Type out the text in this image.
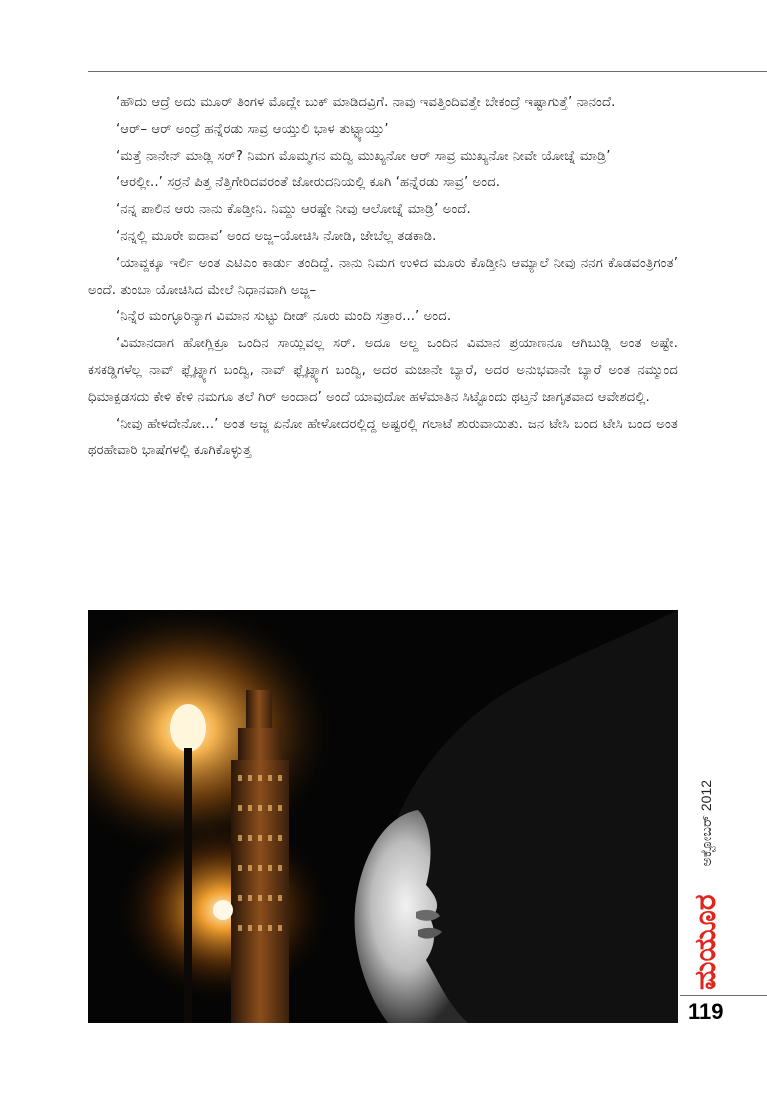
‘ಹೌದು ಆದ್ರೆ ಅದು ಮೂರ್ ತಿಂಗಳ ಮೊದ್ಲೇ ಬುಕ್ ಮಾಡಿದವ್ರಿಗೆ. ನಾವು ಇವತ್ತಿಂದಿವತ್ತೇ ಬೇಕಂದ್ರೆ ಇಷ್ಟಾಗುತ್ತೆ’ ನಾನಂದೆ.

‘ಆರ್– ಆರ್ ಅಂದ್ರೆ ಹನ್ನೆರಡು ಸಾವ್ರ ಆಯ್ತುಲಿ ಭಾಳ ತುಟ್ಟ್ಯಾಯ್ತು’

‘ಮತ್ತೆ ನಾನೇನ್ ಮಾಡ್ಲಿ ಸರ್? ನಿಮಗ ಮೊಮ್ಮಗನ ಮದ್ವಿ ಮುಖ್ಯನೋ ಆರ್ ಸಾವ್ರ ಮುಖ್ಯನೋ ನೀವೇ ಯೋಚ್ನೆ ಮಾಡ್ರಿ’

‘ಆರಲ್ಲೀ..’ ಸರ್ರನೆ ಪಿತ್ತ ನೆತ್ತಿಗೇರಿದವರಂತೆ ಜೋರುದನಿಯಲ್ಲಿ ಕೂಗಿ ‘ಹನ್ನೆರಡು ಸಾವ್ರ’ ಅಂದ.

‘ನನ್ನ ಪಾಲಿನ ಆರು ನಾನು ಕೊಡ್ತೀನಿ. ನಿಮ್ದು ಆರಷ್ಟೇ ನೀವು ಆಲೋಚ್ನೆ ಮಾಡ್ರಿ’ ಅಂದೆ.

‘ನನ್ನಲ್ಲಿ ಮೂರೇ ಐದಾವ’ ಅಂದ ಅಜ್ಜ–ಯೋಚಿಸಿ ನೋಡಿ, ಜೇಬೆಲ್ಲ ತಡಕಾಡಿ.

‘ಯಾವ್ದಕ್ಕೂ ಇರ್ಲಿ ಅಂತ ಎಟಿಎಂ ಕಾರ್ಡು ತಂದಿದ್ದೆ. ನಾನು ನಿಮಗ ಉಳಿದ ಮೂರು ಕೊಡ್ತೀನಿ ಆಮ್ಯಾಲೆ ನೀವು ನನಗ ಕೊಡವಂತ್ರಿಗಂತ’ ಅಂದೆ. ತುಂಬಾ ಯೋಚಿಸಿದ ಮೇಲೆ ನಿಧಾನವಾಗಿ ಅಜ್ಜ–

‘ನಿನ್ನೆರ ಮಂಗ್ಳೂರಿನ್ಯಾಗ ವಿಮಾನ ಸುಟ್ಟು ದೀಡ್ ನೂರು ಮಂದಿ ಸತ್ರಾರ...’ ಅಂದ.

‘ವಿಮಾನದಾಗ ಹೋಗ್ಲಿಕ್ರೂ ಒಂದಿನ ಸಾಯ್ಲಿವಲ್ಲ ಸರ್. ಅದೂ ಅಲ್ದ ಒಂದಿನ ವಿಮಾನ ಪ್ರಯಾಣನೂ ಆಗಿಬುಡ್ಲಿ ಅಂತ ಅಷ್ಟೇ. ಕಸಕಡ್ಡಿಗಳೆಲ್ಲ ನಾವ್ ಫ್ಲೈಟ್ನ್ಯಾಗ ಬಂದ್ವಿ, ನಾವ್ ಫ್ಲೈಟ್ನ್ಯಾಗ ಬಂದ್ವಿ, ಅದರ ಮಜಾನೇ ಬ್ಯಾರೆ, ಅದರ ಅನುಭವಾನೇ ಬ್ಯಾರೆ ಅಂತ ನಮ್ಮುಂದ ಧಿಮಾಕ್ಪಡಸದು ಕೇಳಿ ಕೇಳಿ ನಮಗೂ ತಲೆ ಗಿರ್ ಅಂದಾದ’ ಅಂದೆ ಯಾವುದೋ ಹಳೆಮಾತಿನ ಸಿಟ್ಟೊಂದು ಥಟ್ತನೆ ಜಾಗೃತವಾದ ಆವೇಶದಲ್ಲಿ.

‘ನೀವು ಹೇಳದೇನೋ...’ ಅಂತ ಅಜ್ಜ ಏನೋ ಹೇಳೋದರಲ್ಲಿದ್ದ ಅಷ್ಟರಲ್ಲಿ ಗಲಾಟೆ ಶುರುವಾಯಿತು. ಜನ ಟೇಸಿ ಬಂದ ಟೇಸಿ ಬಂದ ಅಂತ ಥರಹೇವಾರಿ ಭಾಷೆಗಳಲ್ಲಿ ಕೂಗಿಕೊಳ್ಳುತ್ತ

ಅಕ್ಟೋಬರ್ 2012
ಮಯೂರ
119
